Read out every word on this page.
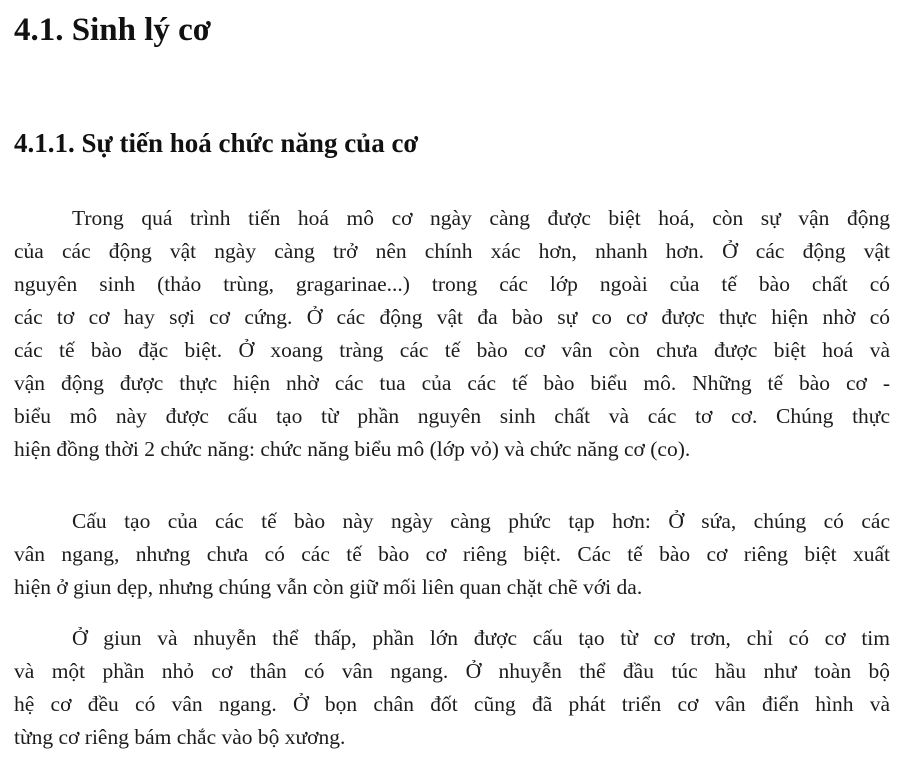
4.1. Sinh lý cơ
4.1.1. Sự tiến hoá chức năng của cơ
Trong quá trình tiến hoá mô cơ ngày càng được biệt hoá, còn sự vận động
của các động vật ngày càng trở nên chính xác hơn, nhanh hơn. Ở các động vật
nguyên sinh (thảo trùng, gragarinae...) trong các lớp ngoài của tế bào chất có
các tơ cơ hay sợi cơ cứng. Ở các động vật đa bào sự co cơ được thực hiện nhờ có
các tế bào đặc biệt. Ở xoang tràng các tế bào cơ vân còn chưa được biệt hoá và
vận động được thực hiện nhờ các tua của các tế bào biểu mô. Những tế bào cơ -
biểu mô này được cấu tạo từ phần nguyên sinh chất và các tơ cơ. Chúng thực
hiện đồng thời 2 chức năng: chức năng biểu mô (lớp vỏ) và chức năng cơ (co).
Cấu tạo của các tế bào này ngày càng phức tạp hơn: Ở sứa, chúng có các
vân ngang, nhưng chưa có các tế bào cơ riêng biệt. Các tế bào cơ riêng biệt xuất
hiện ở giun dẹp, nhưng chúng vẫn còn giữ mối liên quan chặt chẽ với da.
Ở giun và nhuyễn thể thấp, phần lớn được cấu tạo từ cơ trơn, chỉ có cơ tim
và một phần nhỏ cơ thân có vân ngang. Ở nhuyễn thể đầu túc hầu như toàn bộ
hệ cơ đều có vân ngang. Ở bọn chân đốt cũng đã phát triển cơ vân điển hình và
từng cơ riêng bám chắc vào bộ xương.
